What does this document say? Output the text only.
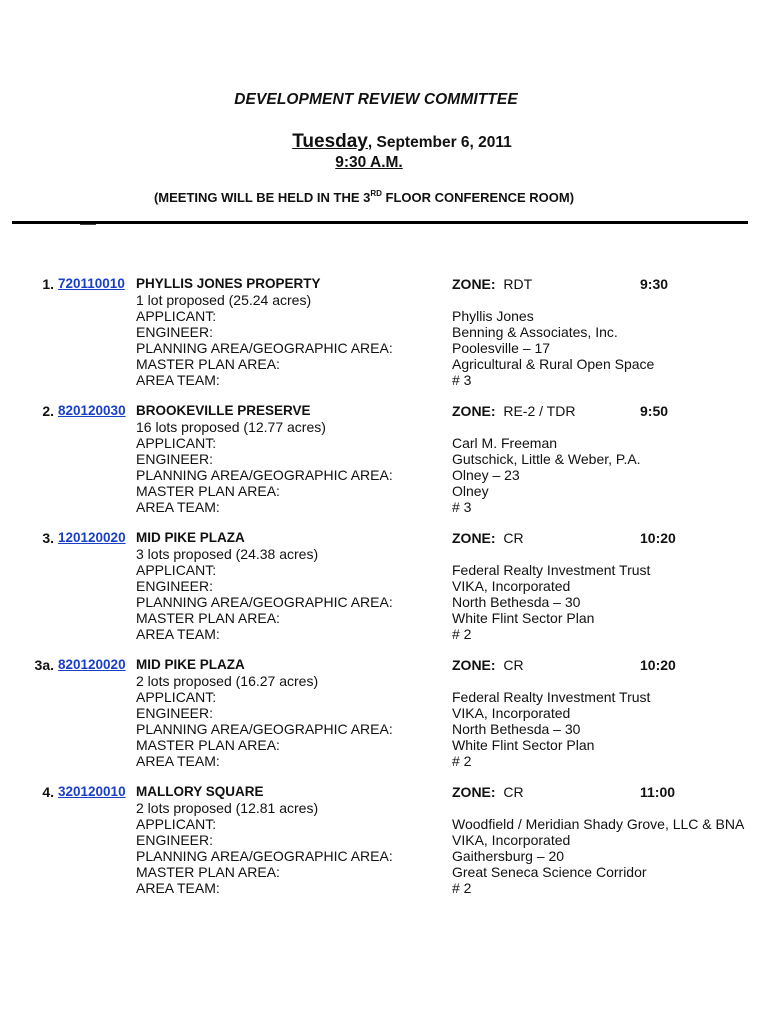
DEVELOPMENT REVIEW COMMITTEE
Tuesday, September 6, 2011
9:30 A.M.
(MEETING WILL BE HELD IN THE 3RD FLOOR CONFERENCE ROOM)
1. 720110010 PHYLLIS JONES PROPERTY	ZONE: RDT	9:30
1 lot proposed (25.24 acres)
APPLICANT:	Phyllis Jones
ENGINEER:	Benning & Associates, Inc.
PLANNING AREA/GEOGRAPHIC AREA:	Poolesville – 17
MASTER PLAN AREA:	Agricultural & Rural Open Space
AREA TEAM:	# 3
2. 820120030 BROOKEVILLE PRESERVE	ZONE: RE-2 / TDR	9:50
16 lots proposed (12.77 acres)
APPLICANT:	Carl M. Freeman
ENGINEER:	Gutschick, Little & Weber, P.A.
PLANNING AREA/GEOGRAPHIC AREA:	Olney – 23
MASTER PLAN AREA:	Olney
AREA TEAM:	# 3
3. 120120020 MID PIKE PLAZA	ZONE: CR	10:20
3 lots proposed (24.38 acres)
APPLICANT:	Federal Realty Investment Trust
ENGINEER:	VIKA, Incorporated
PLANNING AREA/GEOGRAPHIC AREA:	North Bethesda – 30
MASTER PLAN AREA:	White Flint Sector Plan
AREA TEAM:	# 2
3a. 820120020 MID PIKE PLAZA	ZONE: CR	10:20
2 lots proposed (16.27 acres)
APPLICANT:	Federal Realty Investment Trust
ENGINEER:	VIKA, Incorporated
PLANNING AREA/GEOGRAPHIC AREA:	North Bethesda – 30
MASTER PLAN AREA:	White Flint Sector Plan
AREA TEAM:	# 2
4. 320120010 MALLORY SQUARE	ZONE: CR	11:00
2 lots proposed (12.81 acres)
APPLICANT:	Woodfield / Meridian Shady Grove, LLC & BNA
ENGINEER:	VIKA, Incorporated
PLANNING AREA/GEOGRAPHIC AREA:	Gaithersburg – 20
MASTER PLAN AREA:	Great Seneca Science Corridor
AREA TEAM:	# 2
